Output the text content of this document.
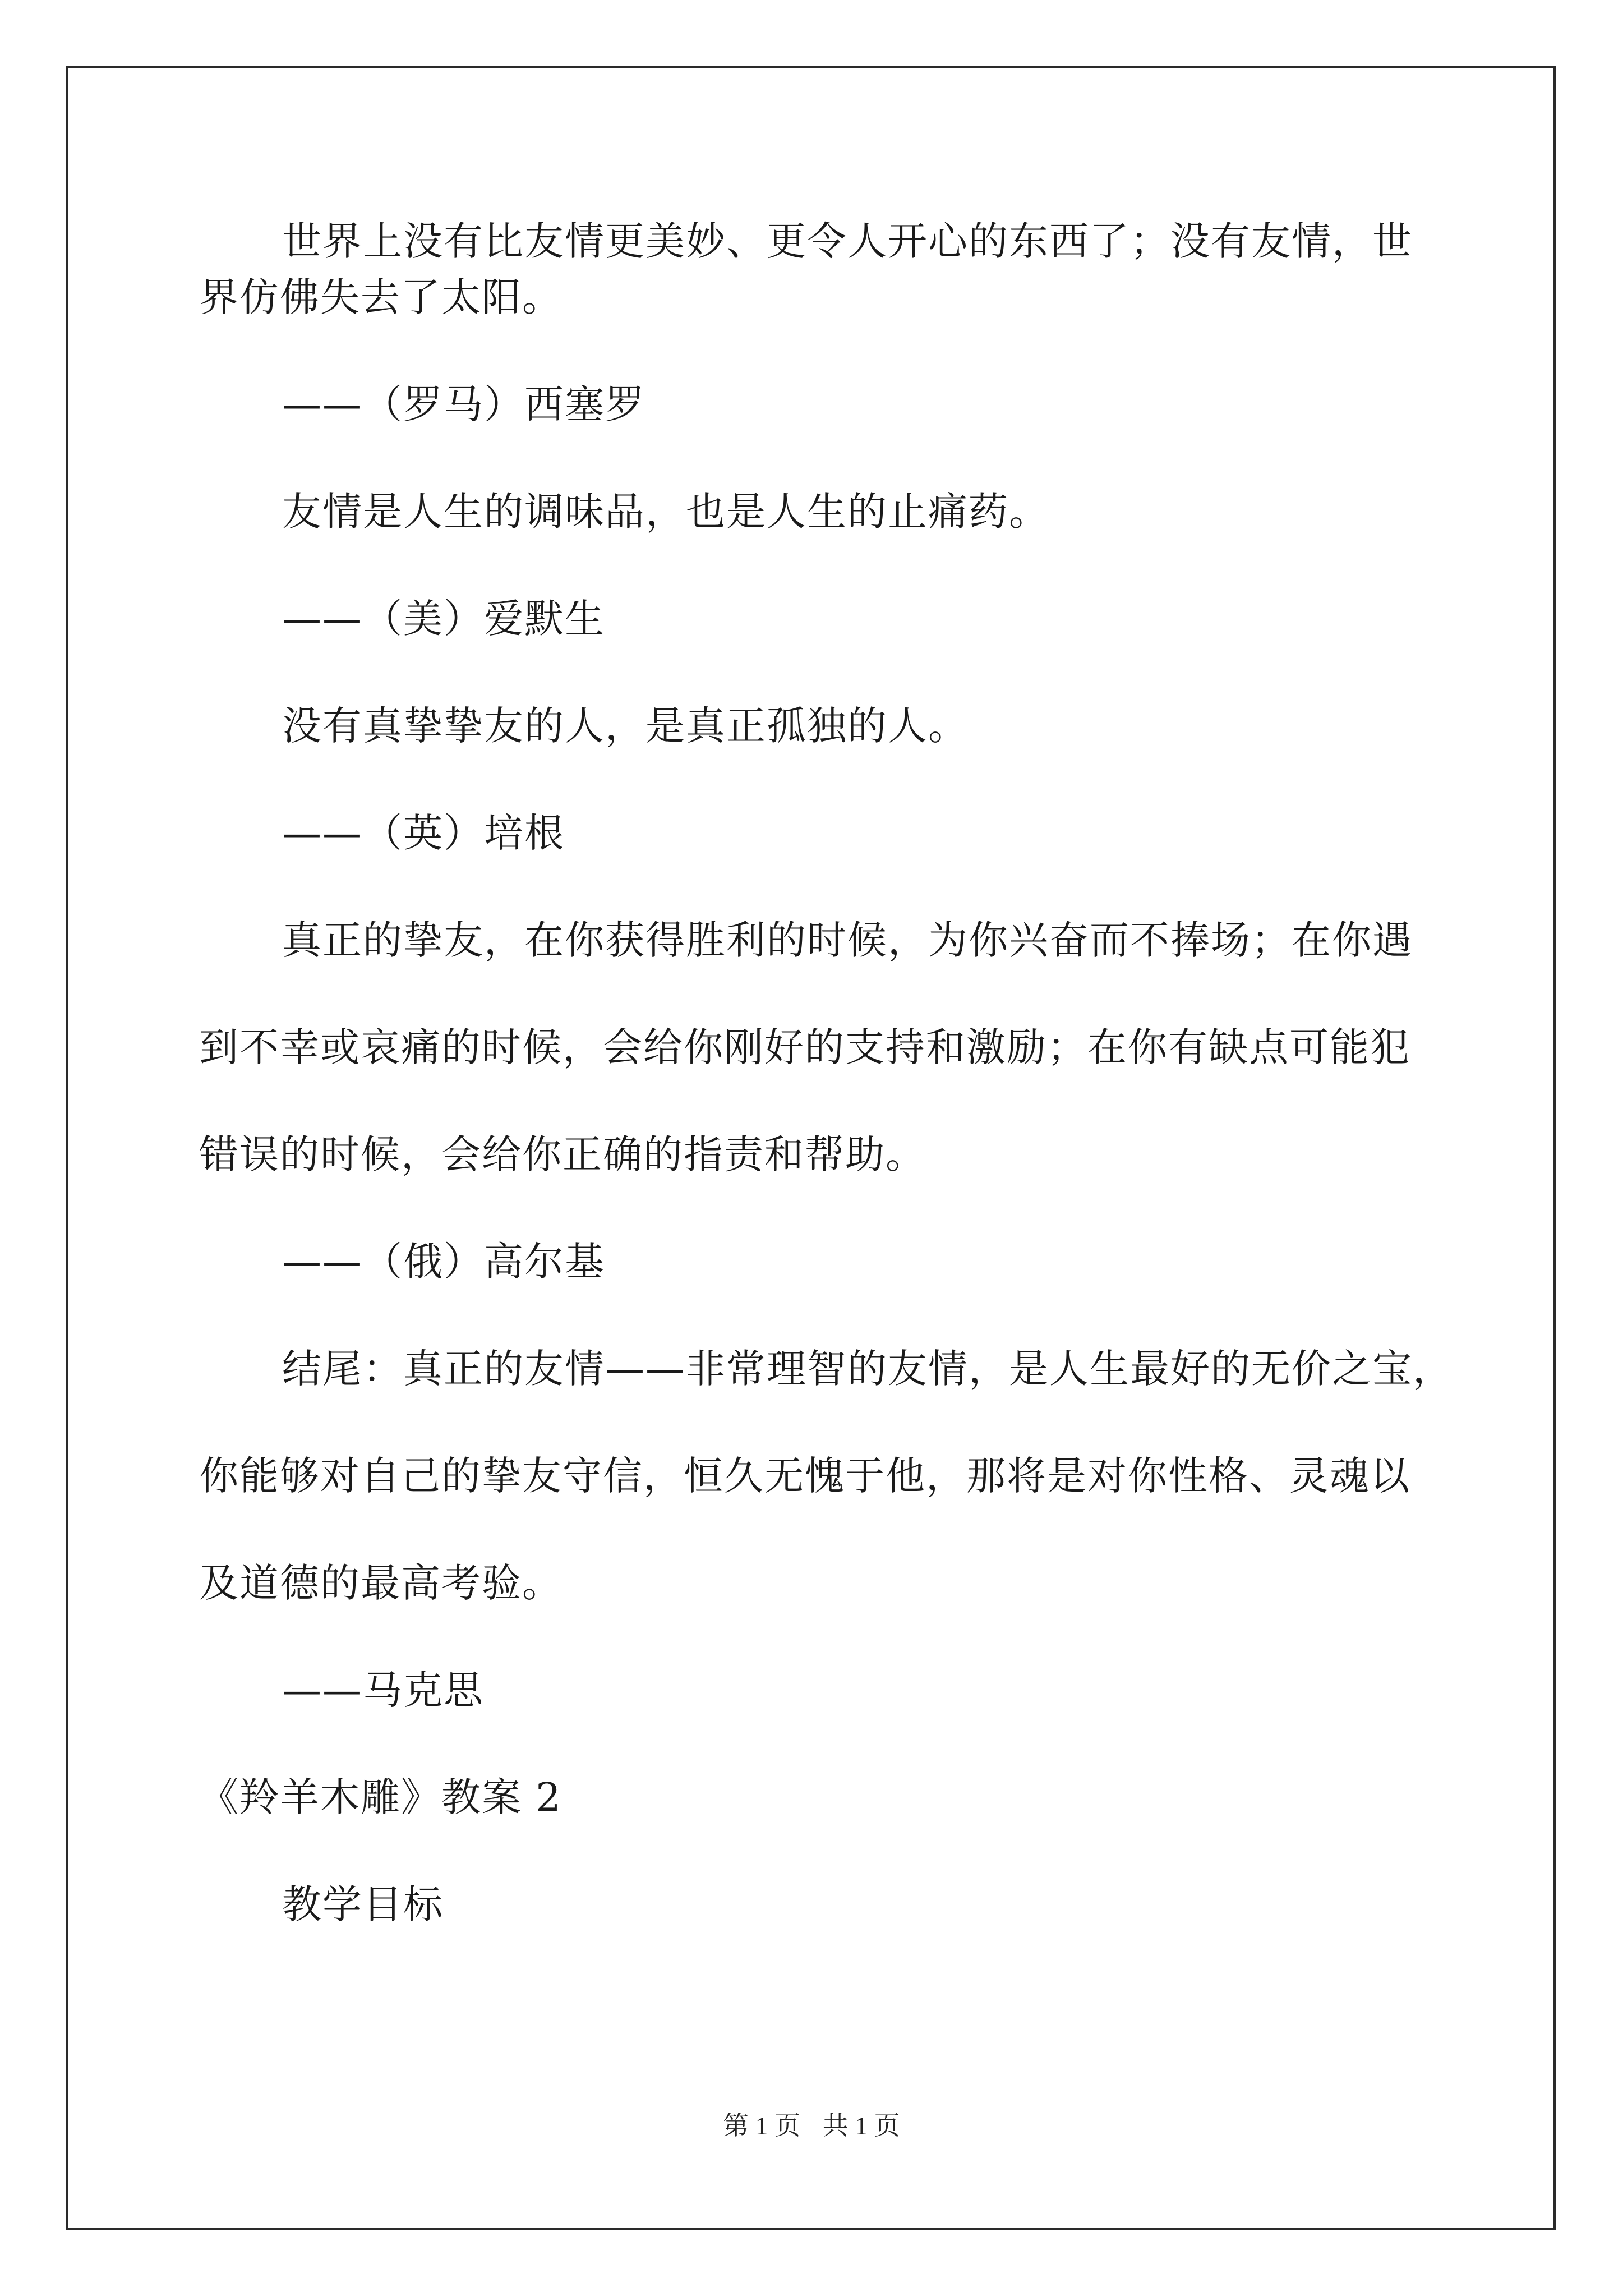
世界上没有比友情更美妙、更令人开心的东西了；没有友情，世
界仿佛失去了太阳。
——（罗马）西塞罗
友情是人生的调味品，也是人生的止痛药。
——（美）爱默生
没有真挚挚友的人，是真正孤独的人。
——（英）培根
真正的挚友，在你获得胜利的时候，为你兴奋而不捧场；在你遇
到不幸或哀痛的时候，会给你刚好的支持和激励；在你有缺点可能犯
错误的时候，会给你正确的指责和帮助。
——（俄）高尔基
结尾：真正的友情——非常理智的友情，是人生最好的无价之宝，
你能够对自己的挚友守信，恒久无愧于他，那将是对你性格、灵魂以
及道德的最高考验。
——马克思
《羚羊木雕》教案 2
教学目标
第 1 页 共 1 页
